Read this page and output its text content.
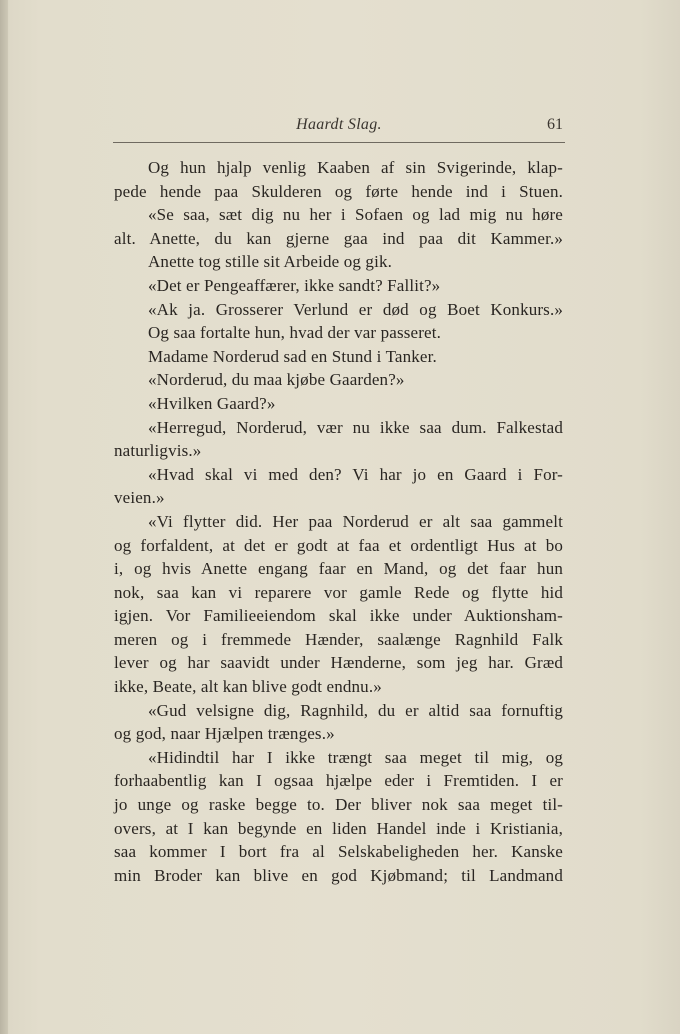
Haardt Slag.	61
Og hun hjalp venlig Kaaben af sin Svigerinde, klap-
pede hende paa Skulderen og førte hende ind i Stuen.
«Se saa, sæt dig nu her i Sofaen og lad mig nu høre
alt. Anette, du kan gjerne gaa ind paa dit Kammer.»
Anette tog stille sit Arbeide og gik.
«Det er Pengeaffærer, ikke sandt? Fallit?»
«Ak ja. Grosserer Verlund er død og Boet Konkurs.»
Og saa fortalte hun, hvad der var passeret.
Madame Norderud sad en Stund i Tanker.
«Norderud, du maa kjøbe Gaarden?»
«Hvilken Gaard?»
«Herregud, Norderud, vær nu ikke saa dum. Falkestad
naturligvis.»
«Hvad skal vi med den? Vi har jo en Gaard i For-
veien.»
«Vi flytter did. Her paa Norderud er alt saa gammelt
og forfaldent, at det er godt at faa et ordentligt Hus at bo
i, og hvis Anette engang faar en Mand, og det faar hun
nok, saa kan vi reparere vor gamle Rede og flytte hid
igjen. Vor Familieeiendom skal ikke under Auktionsham-
meren og i fremmede Hænder, saalænge Ragnhild Falk
lever og har saavidt under Hænderne, som jeg har. Græd
ikke, Beate, alt kan blive godt endnu.»
«Gud velsigne dig, Ragnhild, du er altid saa fornuftig
og god, naar Hjælpen trænges.»
«Hidindtil har I ikke trængt saa meget til mig, og
forhaabentlig kan I ogsaa hjælpe eder i Fremtiden. I er
jo unge og raske begge to. Der bliver nok saa meget til-
overs, at I kan begynde en liden Handel inde i Kristiania,
saa kommer I bort fra al Selskabeligheden her. Kanske
min Broder kan blive en god Kjøbmand; til Landmand
